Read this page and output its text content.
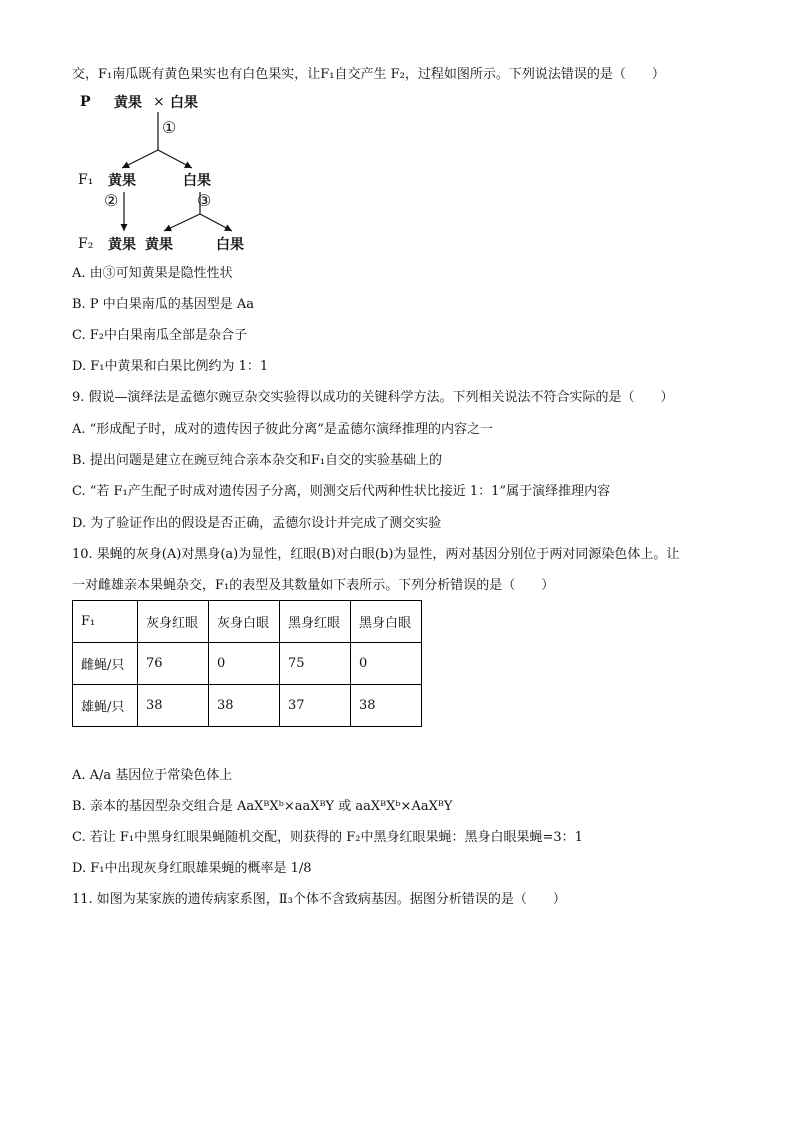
交，F₁南瓜既有黄色果实也有白色果实，让F₁自交产生 F₂，过程如图所示。下列说法错误的是（　　）
P 黄果 × 白果
①
F₁ 黄果	白果
②	③
F₂ 黄果 黄果	白果
A. 由③可知黄果是隐性性状
B. P 中白果南瓜的基因型是 Aa
C. F₂中白果南瓜全部是杂合子
D. F₁中黄果和白果比例约为 1：1
9. 假说—演绎法是孟德尔豌豆杂交实验得以成功的关键科学方法。下列相关说法不符合实际的是（　　）
A. “形成配子时，成对的遗传因子彼此分离”是孟德尔演绎推理的内容之一
B. 提出问题是建立在豌豆纯合亲本杂交和F₁自交的实验基础上的
C. “若 F₁产生配子时成对遗传因子分离，则测交后代两种性状比接近 1：1”属于演绎推理内容
D. 为了验证作出的假设是否正确，孟德尔设计并完成了测交实验
10. 果蝇的灰身(A)对黑身(a)为显性，红眼(B)对白眼(b)为显性，两对基因分别位于两对同源染色体上。让
一对雌雄亲本果蝇杂交，F₁的表型及其数量如下表所示。下列分析错误的是（　　）
F₁	灰身红眼	灰身白眼	黑身红眼	黑身白眼
雌蝇/只	76	0	75	0
雄蝇/只	38	38	37	38
A. A/a 基因位于常染色体上
B. 亲本的基因型杂交组合是 AaXᴮXᵇ×aaXᴮY 或 aaXᴮXᵇ×AaXᴮY
C. 若让 F₁中黑身红眼果蝇随机交配，则获得的 F₂中黑身红眼果蝇：黑身白眼果蝇=3：1
D. F₁中出现灰身红眼雄果蝇的概率是 1/8
11. 如图为某家族的遗传病家系图，Ⅱ₃个体不含致病基因。据图分析错误的是（　　）
